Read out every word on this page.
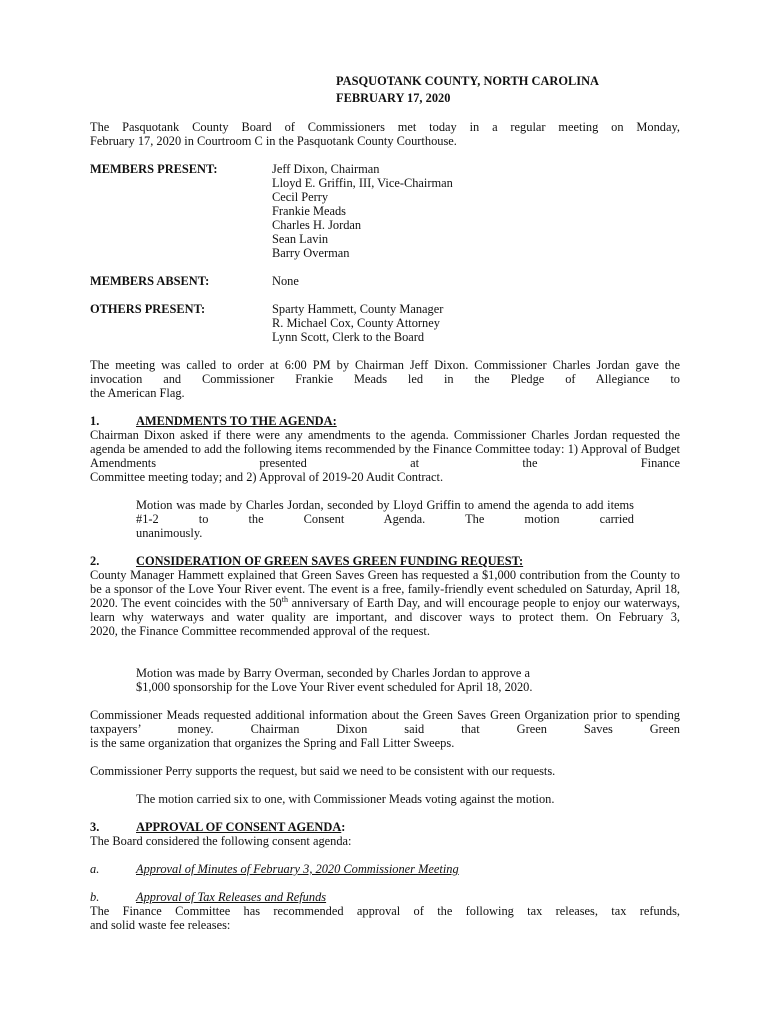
PASQUOTANK COUNTY, NORTH CAROLINA
FEBRUARY 17, 2020

The Pasquotank County Board of Commissioners met today in a regular meeting on Monday,
February 17, 2020 in Courtroom C in the Pasquotank County Courthouse.

MEMBERS PRESENT:	Jeff Dixon, Chairman
Lloyd E. Griffin, III, Vice-Chairman
Cecil Perry
Frankie Meads
Charles H. Jordan
Sean Lavin
Barry Overman
MEMBERS ABSENT:	None
OTHERS PRESENT:	Sparty Hammett, County Manager
R. Michael Cox, County Attorney
Lynn Scott, Clerk to the Board

The meeting was called to order at 6:00 PM by Chairman Jeff Dixon. Commissioner Charles Jordan gave the invocation and Commissioner Frankie Meads led in the Pledge of Allegiance to
the American Flag.

1.	AMENDMENTS TO THE AGENDA:

Chairman Dixon asked if there were any amendments to the agenda. Commissioner Charles Jordan requested the agenda be amended to add the following items recommended by the Finance Committee today: 1) Approval of Budget Amendments presented at the Finance
Committee meeting today; and 2) Approval of 2019-20 Audit Contract.

Motion was made by Charles Jordan, seconded by Lloyd Griffin to amend the agenda to add items #1-2 to the Consent Agenda. The motion carried
unanimously.

2.	CONSIDERATION OF GREEN SAVES GREEN FUNDING REQUEST:

County Manager Hammett explained that Green Saves Green has requested a $1,000 contribution from the County to be a sponsor of the Love Your River event. The event is a free, family-friendly event scheduled on Saturday, April 18, 2020. The event coincides with the 50th anniversary of Earth Day, and will encourage people to enjoy our waterways, learn why waterways and water quality are important, and discover ways to protect them. On February 3,
2020, the Finance Committee recommended approval of the request.

Motion was made by Barry Overman, seconded by Charles Jordan to approve a
$1,000 sponsorship for the Love Your River event scheduled for April 18, 2020.

Commissioner Meads requested additional information about the Green Saves Green Organization prior to spending taxpayers’ money. Chairman Dixon said that Green Saves Green
is the same organization that organizes the Spring and Fall Litter Sweeps.

Commissioner Perry supports the request, but said we need to be consistent with our requests.

The motion carried six to one, with Commissioner Meads voting against the motion.

3.	APPROVAL OF CONSENT AGENDA:

The Board considered the following consent agenda:

a.	Approval of Minutes of February 3, 2020 Commissioner Meeting
b.	Approval of Tax Releases and Refunds

The Finance Committee has recommended approval of the following tax releases, tax refunds,
and solid waste fee releases:
